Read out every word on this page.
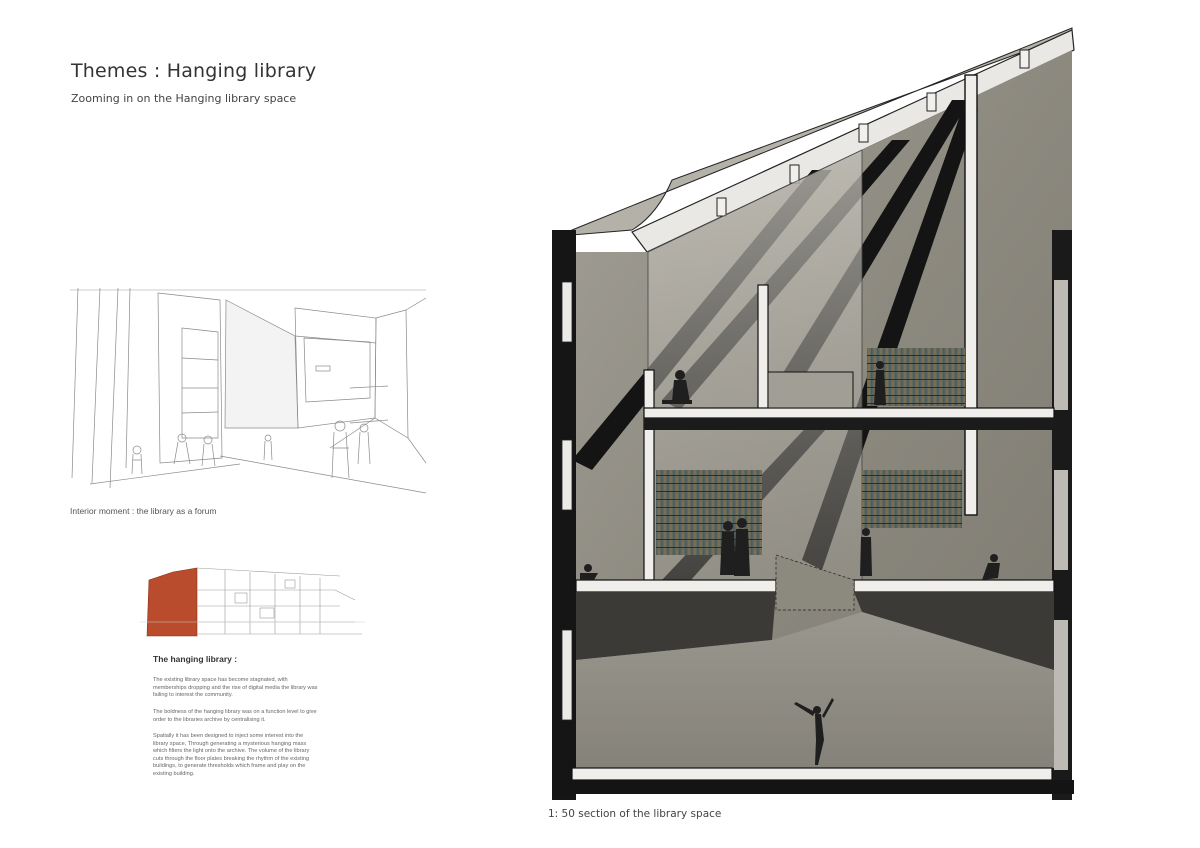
Themes : Hanging library
Zooming in on the Hanging library space
Interior moment : the library as a forum
The hanging library :
The existing library space has become stagnated, with memberships dropping and the rise of digital media the library was failing to interest the community.
The boldness of the hanging library was on a function level to give order to the libraries archive by centralising it.
Spatially it has been designed to inject some interest into the library space, Through generating a mysterious hanging mass which filters the light onto the archive. The volume of the library cuts through the floor plates breaking the rhythm of the existing buildings, to generate thresholds which frame and play on the existing building.
1: 50 section of the library space
